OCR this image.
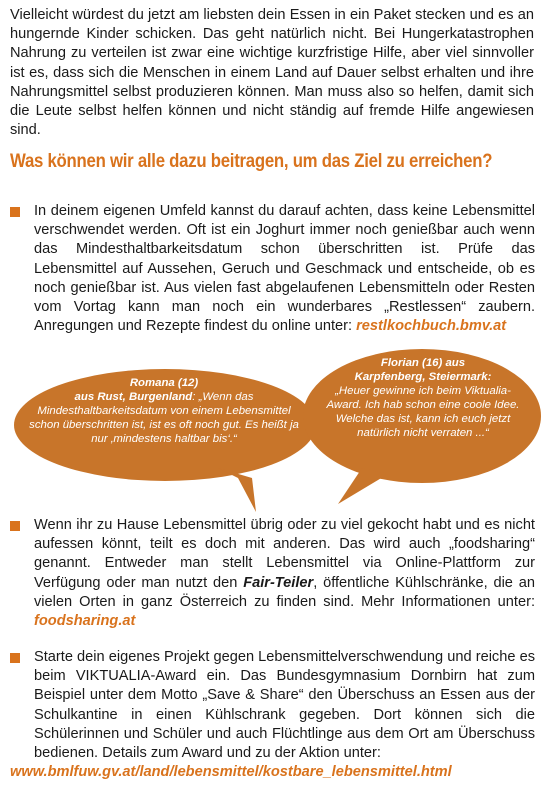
Vielleicht würdest du jetzt am liebsten dein Essen in ein Paket stecken und es an hungernde Kinder schicken. Das geht natürlich nicht. Bei Hungerkatastrophen Nahrung zu verteilen ist zwar eine wichtige kurzfristige Hilfe, aber viel sinnvoller ist es, dass sich die Menschen in einem Land auf Dauer selbst erhalten und ihre Nahrungsmittel selbst produzieren können. Man muss also so helfen, damit sich die Leute selbst helfen können und nicht ständig auf fremde Hilfe angewiesen sind.

Was können wir alle dazu beitragen, um das Ziel zu erreichen?
In deinem eigenen Umfeld kannst du darauf achten, dass keine Lebensmittel verschwendet werden. Oft ist ein Joghurt immer noch genießbar auch wenn das Mindesthaltbarkeitsdatum schon überschritten ist. Prüfe das Lebensmittel auf Aussehen, Geruch und Geschmack und entscheide, ob es noch genießbar ist. Aus vielen fast abgelaufenen Lebensmitteln oder Resten vom Vortag kann man noch ein wunderbares „Restlessen“ zaubern. Anregungen und Rezepte findest du online unter: restlkochbuch.bmv.at
Romana (12)
aus Rust, Burgenland: „Wenn das Mindesthaltbarkeitsdatum von einem Lebensmittel schon überschritten ist, ist es oft noch gut. Es heißt ja nur ‚mindestens haltbar bis‘.“
Florian (16) aus
Karpfenberg, Steiermark:
„Heuer gewinne ich beim Viktualia-Award. Ich hab schon eine coole Idee. Welche das ist, kann ich euch jetzt natürlich nicht verraten ...“
Wenn ihr zu Hause Lebensmittel übrig oder zu viel gekocht habt und es nicht aufessen könnt, teilt es doch mit anderen. Das wird auch „foodsharing“ genannt. Entweder man stellt Lebensmittel via Online-Plattform zur Verfügung oder man nutzt den Fair-Teiler, öffentliche Kühlschränke, die an vielen Orten in ganz Österreich zu finden sind. Mehr Informationen unter: foodsharing.at
Starte dein eigenes Projekt gegen Lebensmittelverschwendung und reiche es beim VIKTUALIA-Award ein. Das Bundesgymnasium Dornbirn hat zum Beispiel unter dem Motto „Save & Share“ den Überschuss an Essen aus der Schulkantine in einen Kühlschrank gegeben. Dort können sich die Schülerinnen und Schüler und auch Flüchtlinge aus dem Ort am Überschuss bedienen. Details zum Award und zu der Aktion unter:
www.bmlfuw.gv.at/land/lebensmittel/kostbare_lebensmittel.html
